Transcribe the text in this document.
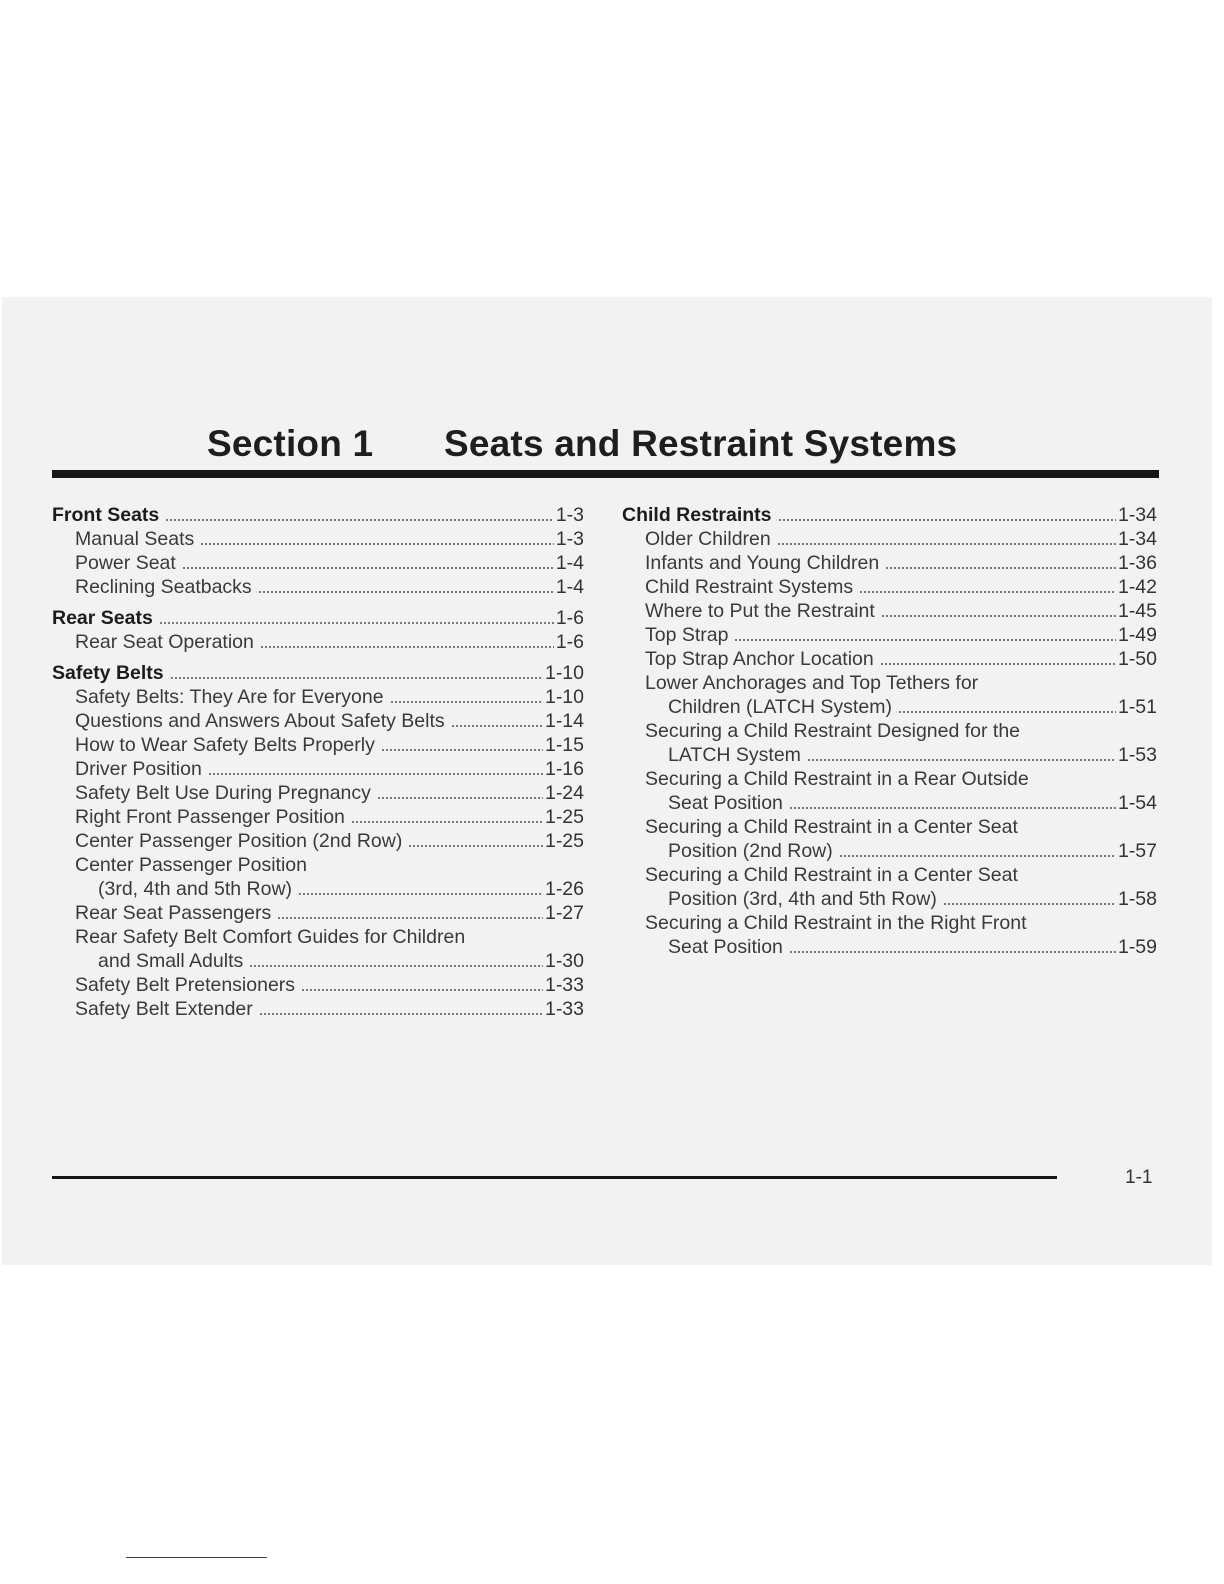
Section 1 Seats and Restraint Systems
Front Seats	1-3
Manual Seats	1-3
Power Seat	1-4
Reclining Seatbacks	1-4
Rear Seats	1-6
Rear Seat Operation	1-6
Safety Belts	1-10
Safety Belts: They Are for Everyone	1-10
Questions and Answers About Safety Belts	1-14
How to Wear Safety Belts Properly	1-15
Driver Position	1-16
Safety Belt Use During Pregnancy	1-24
Right Front Passenger Position	1-25
Center Passenger Position (2nd Row)	1-25
Center Passenger Position
(3rd, 4th and 5th Row)	1-26
Rear Seat Passengers	1-27
Rear Safety Belt Comfort Guides for Children
and Small Adults	1-30
Safety Belt Pretensioners	1-33
Safety Belt Extender	1-33
Child Restraints	1-34
Older Children	1-34
Infants and Young Children	1-36
Child Restraint Systems	1-42
Where to Put the Restraint	1-45
Top Strap	1-49
Top Strap Anchor Location	1-50
Lower Anchorages and Top Tethers for
Children (LATCH System)	1-51
Securing a Child Restraint Designed for the
LATCH System	1-53
Securing a Child Restraint in a Rear Outside
Seat Position	1-54
Securing a Child Restraint in a Center Seat
Position (2nd Row)	1-57
Securing a Child Restraint in a Center Seat
Position (3rd, 4th and 5th Row)	1-58
Securing a Child Restraint in the Right Front
Seat Position	1-59
1-1
